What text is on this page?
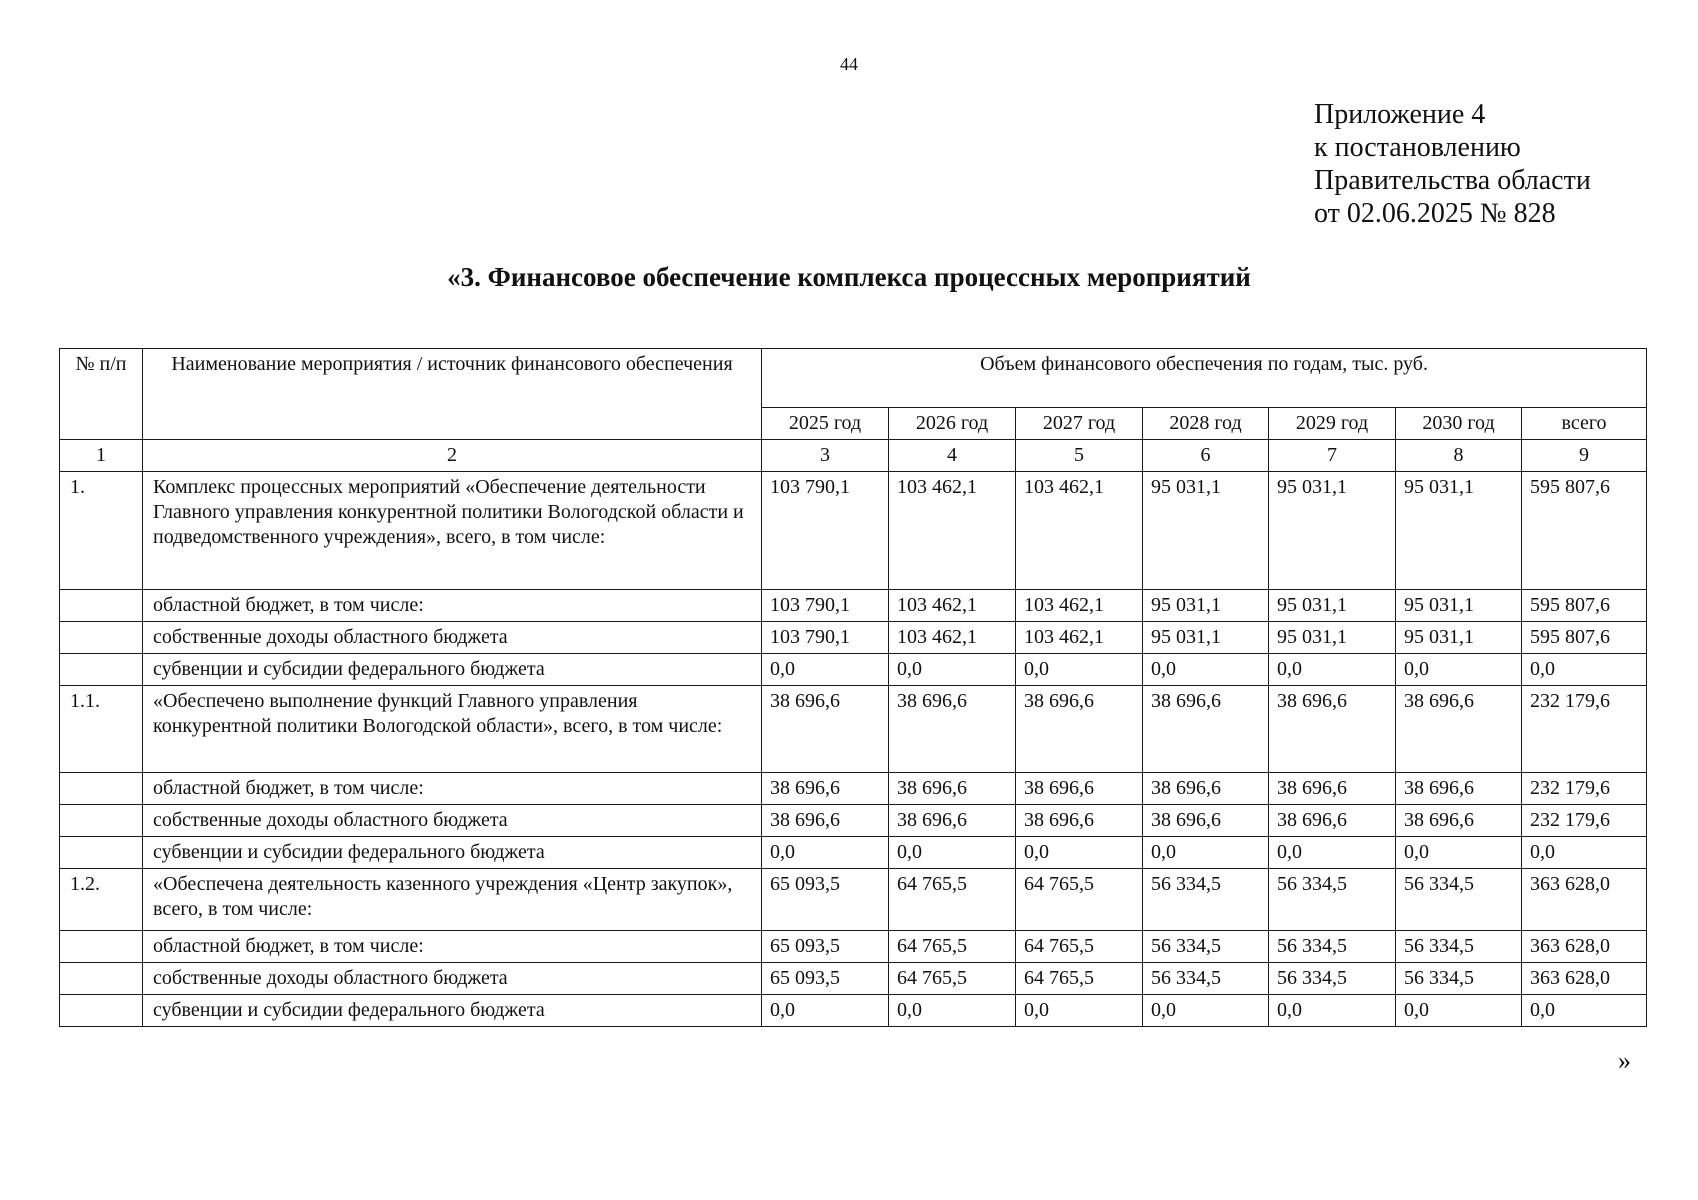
44
Приложение 4
к постановлению
Правительства области
от 02.06.2025 № 828
«3. Финансовое обеспечение комплекса процессных мероприятий
№ п/п	Наименование мероприятия / источник финансового обеспечения	Объем финансового обеспечения по годам, тыс. руб.						
		2025 год	2026 год	2027 год	2028 год	2029 год	2030 год	всего
1	2	3	4	5	6	7	8	9
1.	Комплекс процессных мероприятий «Обеспечение деятельности Главного управления конкурентной политики Вологодской области и подведомственного учреждения», всего, в том числе:	103 790,1	103 462,1	103 462,1	95 031,1	95 031,1	95 031,1	595 807,6
	областной бюджет, в том числе:	103 790,1	103 462,1	103 462,1	95 031,1	95 031,1	95 031,1	595 807,6
	собственные доходы областного бюджета	103 790,1	103 462,1	103 462,1	95 031,1	95 031,1	95 031,1	595 807,6
	субвенции и субсидии федерального бюджета	0,0	0,0	0,0	0,0	0,0	0,0	0,0
1.1.	«Обеспечено выполнение функций Главного управления конкурентной политики Вологодской области», всего, в том числе:	38 696,6	38 696,6	38 696,6	38 696,6	38 696,6	38 696,6	232 179,6
	областной бюджет, в том числе:	38 696,6	38 696,6	38 696,6	38 696,6	38 696,6	38 696,6	232 179,6
	собственные доходы областного бюджета	38 696,6	38 696,6	38 696,6	38 696,6	38 696,6	38 696,6	232 179,6
	субвенции и субсидии федерального бюджета	0,0	0,0	0,0	0,0	0,0	0,0	0,0
1.2.	«Обеспечена деятельность казенного учреждения «Центр закупок», всего, в том числе:	65 093,5	64 765,5	64 765,5	56 334,5	56 334,5	56 334,5	363 628,0
	областной бюджет, в том числе:	65 093,5	64 765,5	64 765,5	56 334,5	56 334,5	56 334,5	363 628,0
	собственные доходы областного бюджета	65 093,5	64 765,5	64 765,5	56 334,5	56 334,5	56 334,5	363 628,0
	субвенции и субсидии федерального бюджета	0,0	0,0	0,0	0,0	0,0	0,0	0,0
»
